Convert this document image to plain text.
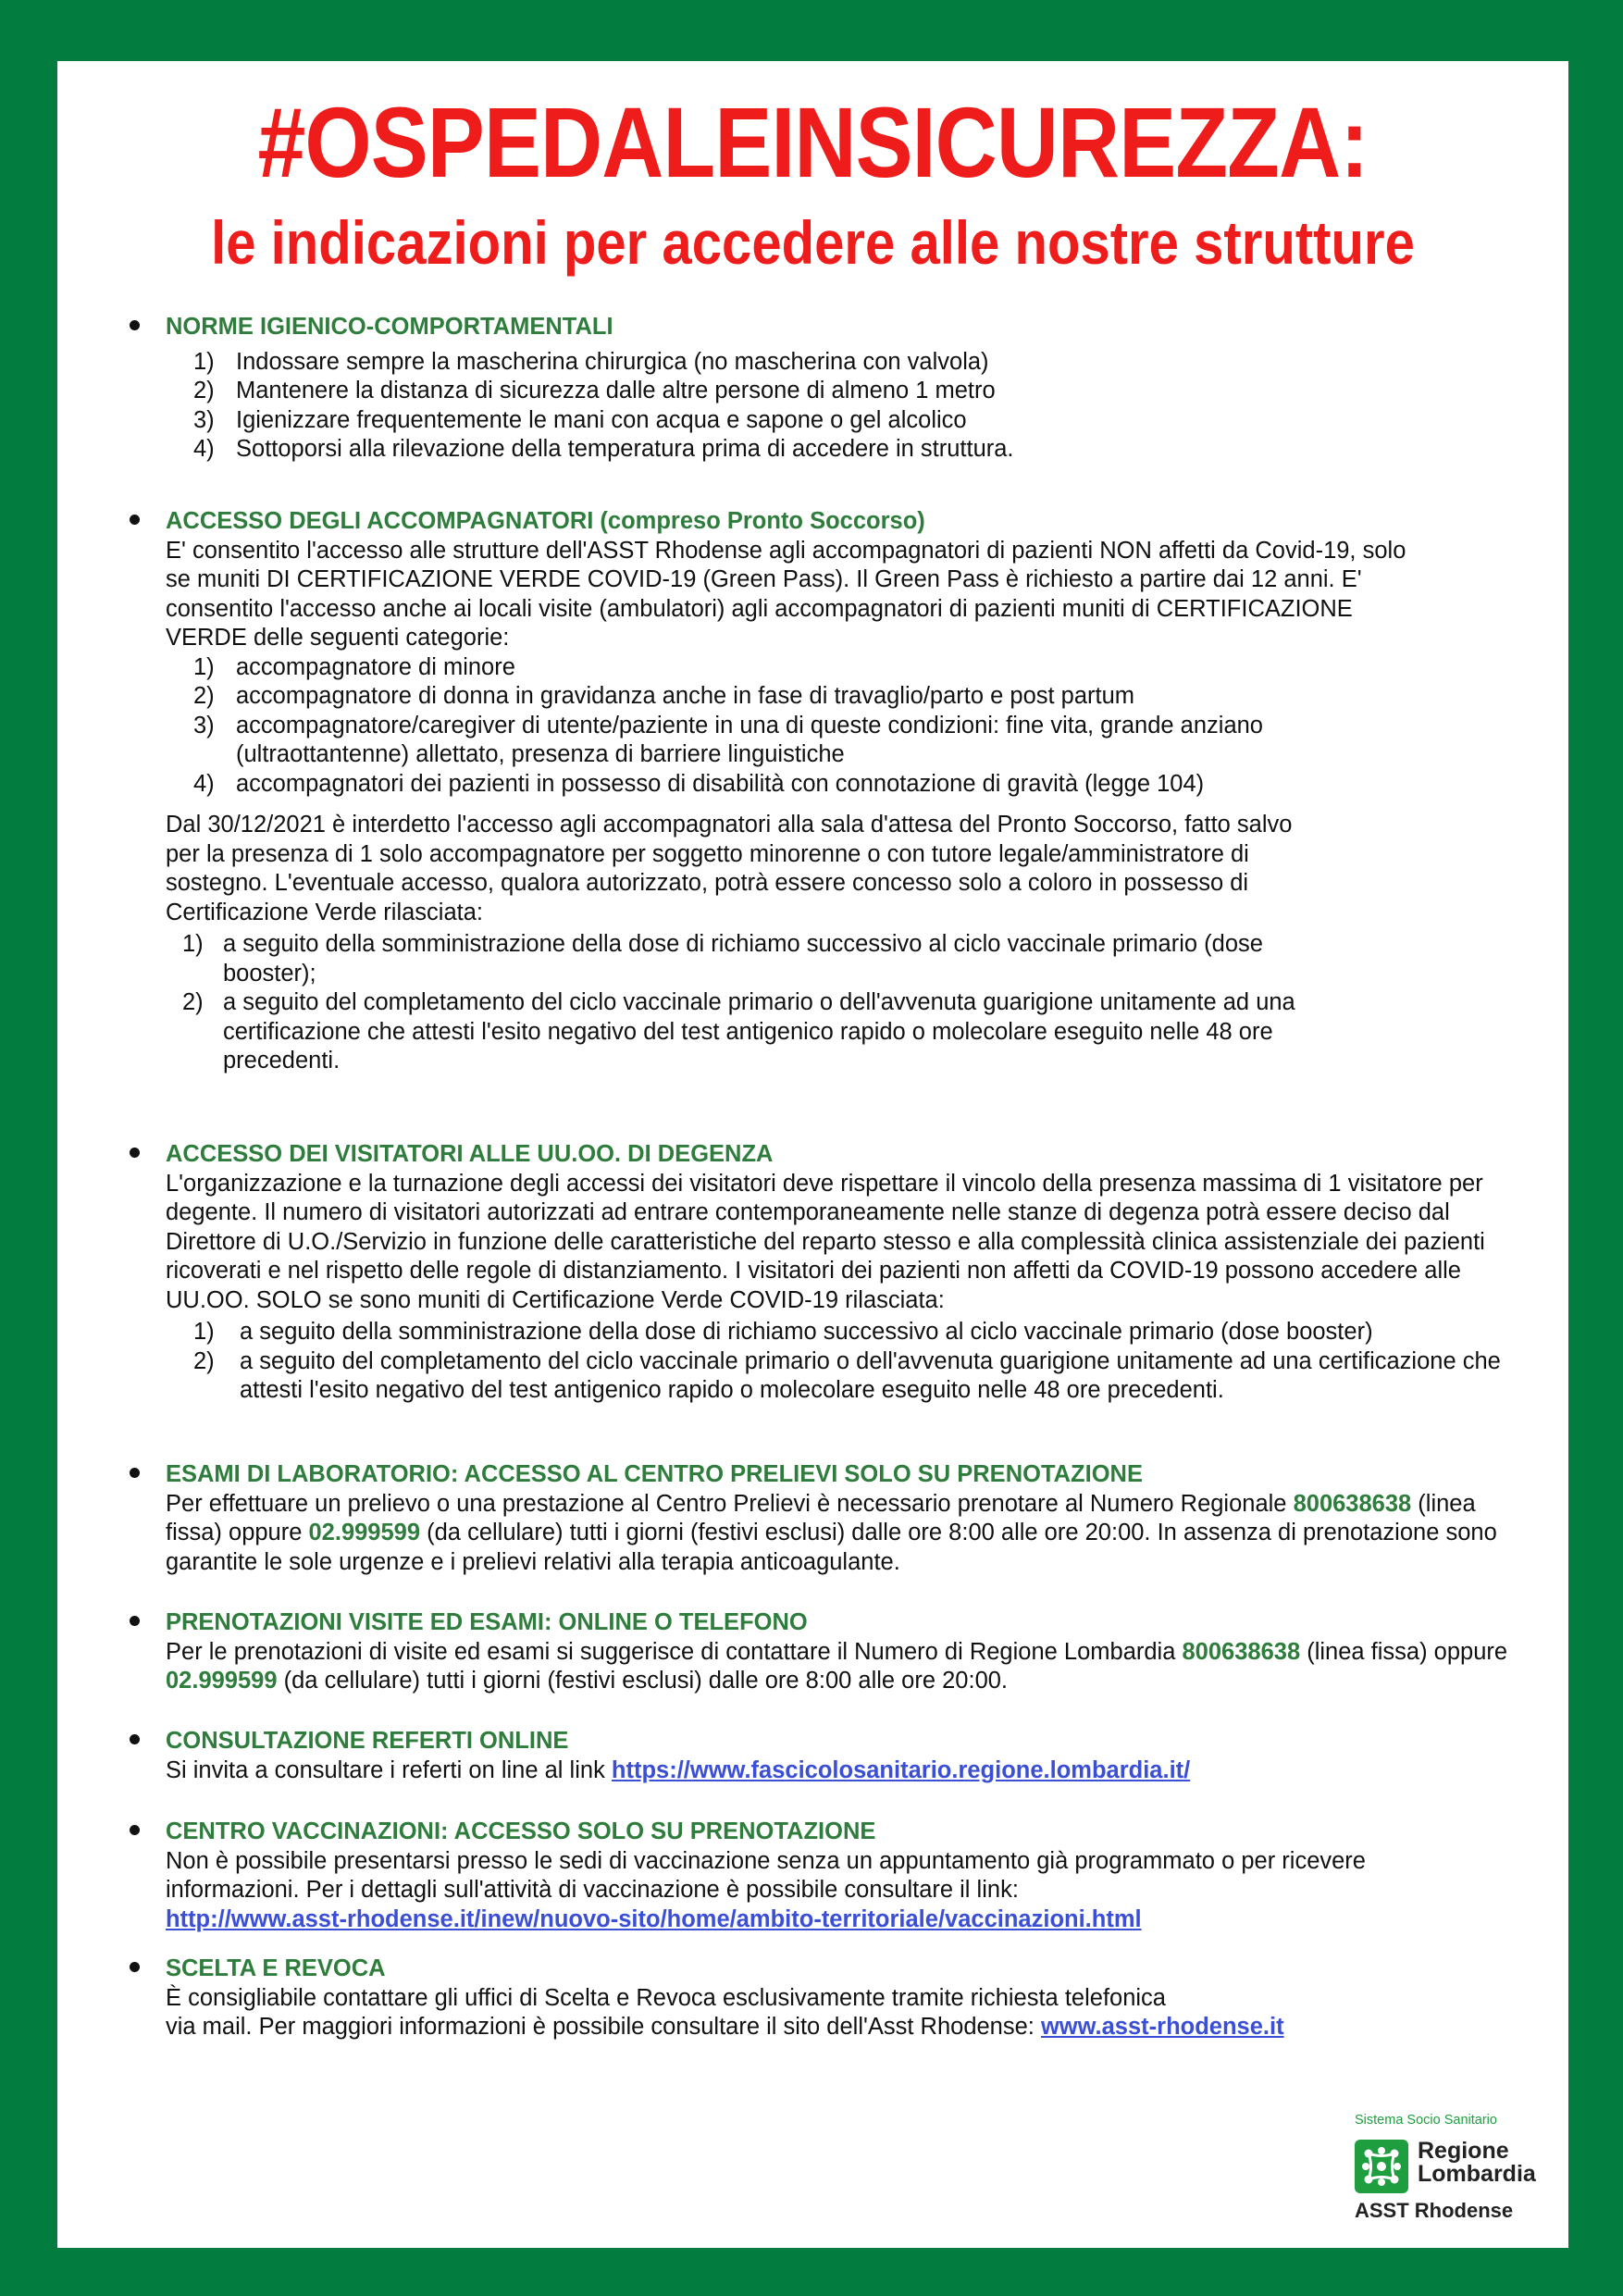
#OSPEDALEINSICUREZZA:
le indicazioni per accedere alle nostre strutture
NORME IGIENICO-COMPORTAMENTALI
1) Indossare sempre la mascherina chirurgica (no mascherina con valvola)
2) Mantenere la distanza di sicurezza dalle altre persone di almeno 1 metro
3) Igienizzare frequentemente le mani con acqua e sapone o gel alcolico
4) Sottoporsi alla rilevazione della temperatura prima di accedere in struttura.
ACCESSO DEGLI ACCOMPAGNATORI (compreso Pronto Soccorso)
E' consentito l'accesso alle strutture dell'ASST Rhodense agli accompagnatori di pazienti NON affetti da Covid-19, solo se muniti DI CERTIFICAZIONE VERDE COVID-19 (Green Pass). Il Green Pass è richiesto a partire dai 12 anni. E' consentito l'accesso anche ai locali visite (ambulatori) agli accompagnatori di pazienti muniti di CERTIFICAZIONE VERDE delle seguenti categorie:
1) accompagnatore di minore
2) accompagnatore di donna in gravidanza anche in fase di travaglio/parto e post partum
3) accompagnatore/caregiver di utente/paziente in una di queste condizioni: fine vita, grande anziano (ultraottantenne) allettato, presenza di barriere linguistiche
4) accompagnatori dei pazienti in possesso di disabilità con connotazione di gravità (legge 104)
Dal 30/12/2021 è interdetto l'accesso agli accompagnatori alla sala d'attesa del Pronto Soccorso, fatto salvo per la presenza di 1 solo accompagnatore per soggetto minorenne o con tutore legale/amministratore di sostegno. L'eventuale accesso, qualora autorizzato, potrà essere concesso solo a coloro in possesso di Certificazione Verde rilasciata:
1) a seguito della somministrazione della dose di richiamo successivo al ciclo vaccinale primario (dose booster);
2) a seguito del completamento del ciclo vaccinale primario o dell'avvenuta guarigione unitamente ad una certificazione che attesti l'esito negativo del test antigenico rapido o molecolare eseguito nelle 48 ore precedenti.
ACCESSO DEI VISITATORI ALLE UU.OO. DI DEGENZA
L'organizzazione e la turnazione degli accessi dei visitatori deve rispettare il vincolo della presenza massima di 1 visitatore per degente. Il numero di visitatori autorizzati ad entrare contemporaneamente nelle stanze di degenza potrà essere deciso dal Direttore di U.O./Servizio in funzione delle caratteristiche del reparto stesso e alla complessità clinica assistenziale dei pazienti ricoverati e nel rispetto delle regole di distanziamento. I visitatori dei pazienti non affetti da COVID-19 possono accedere alle UU.OO. SOLO se sono muniti di Certificazione Verde COVID-19 rilasciata:
1) a seguito della somministrazione della dose di richiamo successivo al ciclo vaccinale primario (dose booster)
2) a seguito del completamento del ciclo vaccinale primario o dell'avvenuta guarigione unitamente ad una certificazione che attesti l'esito negativo del test antigenico rapido o molecolare eseguito nelle 48 ore precedenti.
ESAMI DI LABORATORIO: ACCESSO AL CENTRO PRELIEVI SOLO SU PRENOTAZIONE
Per effettuare un prelievo o una prestazione al Centro Prelievi è necessario prenotare al Numero Regionale 800638638 (linea fissa) oppure 02.999599 (da cellulare) tutti i giorni (festivi esclusi) dalle ore 8:00 alle ore 20:00. In assenza di prenotazione sono garantite le sole urgenze e i prelievi relativi alla terapia anticoagulante.
PRENOTAZIONI VISITE ED ESAMI: ONLINE O TELEFONO
Per le prenotazioni di visite ed esami si suggerisce di contattare il Numero di Regione Lombardia 800638638 (linea fissa) oppure 02.999599 (da cellulare) tutti i giorni (festivi esclusi) dalle ore 8:00 alle ore 20:00.
CONSULTAZIONE REFERTI ONLINE
Si invita a consultare i referti on line al link https://www.fascicolosanitario.regione.lombardia.it/
CENTRO VACCINAZIONI: ACCESSO SOLO SU PRENOTAZIONE
Non è possibile presentarsi presso le sedi di vaccinazione senza un appuntamento già programmato o per ricevere informazioni. Per i dettagli sull'attività di vaccinazione è possibile consultare il link:
http://www.asst-rhodense.it/inew/nuovo-sito/home/ambito-territoriale/vaccinazioni.html
SCELTA E REVOCA
È consigliabile contattare gli uffici di Scelta e Revoca esclusivamente tramite richiesta telefonica
via mail. Per maggiori informazioni è possibile consultare il sito dell'Asst Rhodense: www.asst-rhodense.it
Sistema Socio Sanitario
Regione
Lombardia
ASST Rhodense
